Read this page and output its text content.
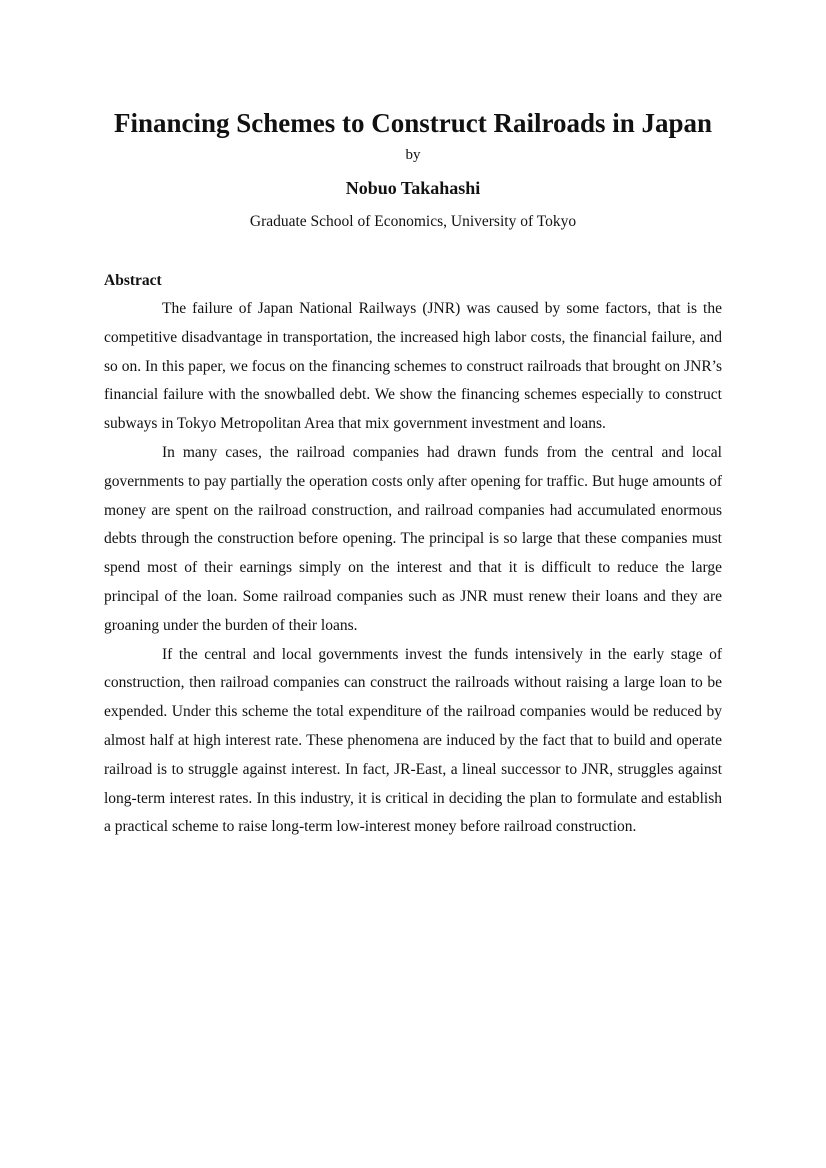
Financing Schemes to Construct Railroads in Japan
by
Nobuo Takahashi
Graduate School of Economics, University of Tokyo
Abstract

The failure of Japan National Railways (JNR) was caused by some factors, that is the competitive disadvantage in transportation, the increased high labor costs, the financial failure, and so on. In this paper, we focus on the financing schemes to construct railroads that brought on JNR’s financial failure with the snowballed debt. We show the financing schemes especially to construct subways in Tokyo Metropolitan Area that mix government investment and loans.

In many cases, the railroad companies had drawn funds from the central and local governments to pay partially the operation costs only after opening for traffic. But huge amounts of money are spent on the railroad construction, and railroad companies had accumulated enormous debts through the construction before opening. The principal is so large that these companies must spend most of their earnings simply on the interest and that it is difficult to reduce the large principal of the loan. Some railroad companies such as JNR must renew their loans and they are groaning under the burden of their loans.

If the central and local governments invest the funds intensively in the early stage of construction, then railroad companies can construct the railroads without raising a large loan to be expended. Under this scheme the total expenditure of the railroad companies would be reduced by almost half at high interest rate. These phenomena are induced by the fact that to build and operate railroad is to struggle against interest. In fact, JR-East, a lineal successor to JNR, struggles against long-term interest rates. In this industry, it is critical in deciding the plan to formulate and establish a practical scheme to raise long-term low-interest money before railroad construction.
